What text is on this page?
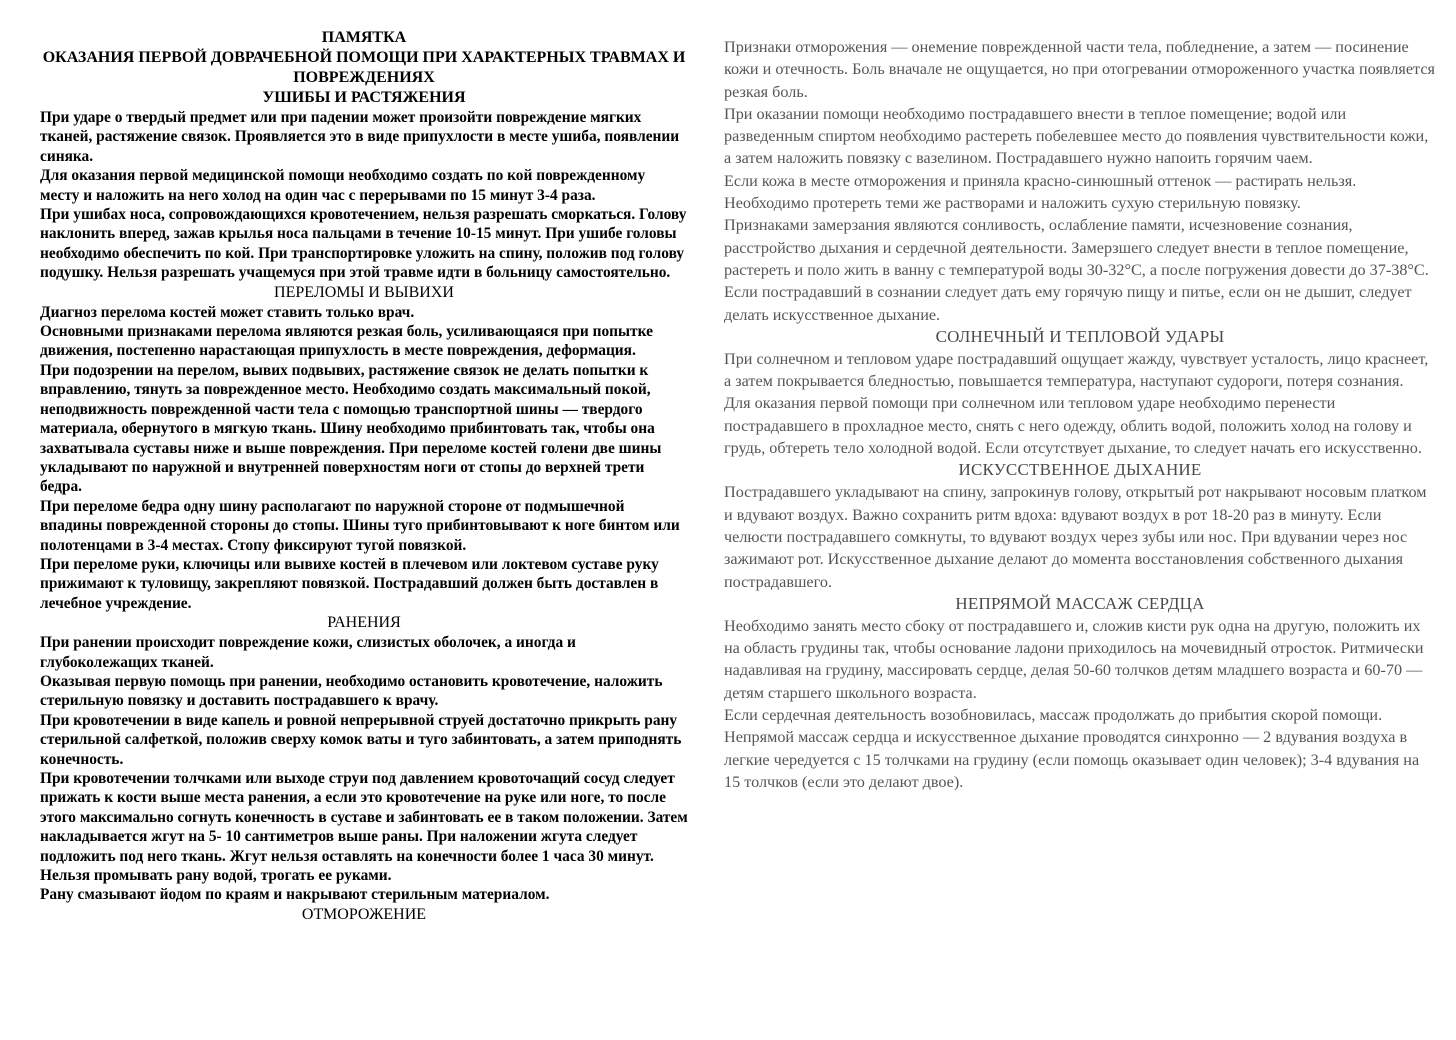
ПАМЯТКА
ОКАЗАНИЯ ПЕРВОЙ ДОВРАЧЕБНОЙ ПОМОЩИ ПРИ ХАРАКТЕРНЫХ ТРАВМАХ И ПОВРЕЖДЕНИЯХ
УШИБЫ И РАСТЯЖЕНИЯ

При ударе о твердый предмет или при падении может произойти повреждение мягких тканей, растяжение связок. Проявляется это в виде припухлости в месте ушиба, появлении синяка.

Для оказания первой медицинской помощи необходимо создать по кой поврежденному месту и наложить на него холод на один час с перерывами по 15 минут 3-4 раза.

При ушибах носа, сопровождающихся кровотечением, нельзя разрешать сморкаться. Голову наклонить вперед, зажав крылья носа пальцами в течение 10-15 минут. При ушибе головы необходимо обеспечить по кой. При транспортировке уложить на спину, положив под голову подушку. Нельзя разрешать учащемуся при этой травме идти в больницу самостоятельно.

ПЕРЕЛОМЫ И ВЫВИХИ

Диагноз перелома костей может ставить только врач.

Основными признаками перелома являются резкая боль, усиливающаяся при попытке движения, постепенно нарастающая припухлость в месте повреждения, деформация.

При подозрении на перелом, вывих подвывих, растяжение связок не делать попытки к вправлению, тянуть за поврежденное место. Необходимо создать максимальный покой, неподвижность поврежденной части тела с помощью транспортной шины — твердого материала, обернутого в мягкую ткань. Шину необходимо прибинтовать так, чтобы она захватывала суставы ниже и выше повреждения. При переломе костей голени две шины укладывают по наружной и внутренней поверхностям ноги от стопы до верхней трети бедра.

При переломе бедра одну шину располагают по наружной стороне от подмышечной впадины поврежденной стороны до стопы. Шины туго прибинтовывают к ноге бинтом или полотенцами в 3-4 местах. Стопу фиксируют тугой повязкой.

При переломе руки, ключицы или вывихе костей в плечевом или локтевом суставе руку прижимают к туловищу, закрепляют повязкой. Пострадавший должен быть доставлен в лечебное учреждение.

РАНЕНИЯ

При ранении происходит повреждение кожи, слизистых оболочек, а иногда и глубоколежащих тканей.

Оказывая первую помощь при ранении, необходимо остановить кровотечение, наложить стерильную повязку и доставить пострадавшего к врачу.

При кровотечении в виде капель и ровной непрерывной струей достаточно прикрыть рану стерильной салфеткой, положив сверху комок ваты и туго забинтовать, а затем приподнять конечность.

При кровотечении толчками или выходе струи под давлением кровоточащий сосуд следует прижать к кости выше места ранения, а если это кровотечение на руке или ноге, то после этого максимально согнуть конечность в суставе и забинтовать ее в таком положении. Затем накладывается жгут на 5- 10 сантиметров выше раны. При наложении жгута следует подложить под него ткань. Жгут нельзя оставлять на конечности более 1 часа 30 минут.

Нельзя промывать рану водой, трогать ее руками.

Рану смазывают йодом по краям и накрывают стерильным материалом.

ОТМОРОЖЕНИЕ

Признаки отморожения — онемение поврежденной части тела, побледнение, а затем — посинение кожи и отечность. Боль вначале не ощущается, но при отогревании отмороженного участка появляется резкая боль.

При оказании помощи необходимо пострадавшего внести в теплое помещение; водой или разведенным спиртом необходимо растереть побелевшее место до появления чувствительности кожи, а затем наложить повязку с вазелином. Пострадавшего нужно напоить горячим чаем.

Если кожа в месте отморожения и приняла красно-синюшный оттенок — растирать нельзя. Необходимо протереть теми же растворами и наложить сухую стерильную повязку.

Признаками замерзания являются сонливость, ослабление памяти, исчезновение сознания, расстройство дыхания и сердечной деятельности. Замерзшего следует внести в теплое помещение, растереть и поло жить в ванну с температурой воды 30-32°С, а после погружения довести до 37-38°С. Если пострадавший в сознании следует дать ему горячую пищу и питье, если он не дышит, следует делать искусственное дыхание.

СОЛНЕЧНЫЙ И ТЕПЛОВОЙ УДАРЫ

При солнечном и тепловом ударе пострадавший ощущает жажду, чувствует усталость, лицо краснеет, а затем покрывается бледностью, повышается температура, наступают судороги, потеря сознания.

Для оказания первой помощи при солнечном или тепловом ударе необходимо перенести пострадавшего в прохладное место, снять с него одежду, облить водой, положить холод на голову и грудь, обтереть тело холодной водой. Если отсутствует дыхание, то следует начать его искусственно.

ИСКУССТВЕННОЕ ДЫХАНИЕ

Пострадавшего укладывают на спину, запрокинув голову, открытый рот накрывают носовым платком и вдувают воздух. Важно сохранить ритм вдоха: вдувают воздух в рот 18-20 раз в минуту. Если челюсти пострадавшего сомкнуты, то вдувают воздух через зубы или нос. При вдувании через нос зажимают рот. Искусственное дыхание делают до момента восстановления собственного дыхания пострадавшего.

НЕПРЯМОЙ МАССАЖ СЕРДЦА

Необходимо занять место сбоку от пострадавшего и, сложив кисти рук одна на другую, положить их на область грудины так, чтобы основание ладони приходилось на мочевидный отросток. Ритмически надавливая на грудину, массировать сердце, делая 50-60 толчков детям младшего возраста и 60-70 — детям старшего школьного возраста.

Если сердечная деятельность возобновилась, массаж продолжать до прибытия скорой помощи. Непрямой массаж сердца и искусственное дыхание проводятся синхронно — 2 вдувания воздуха в легкие чередуется с 15 толчками на грудину (если помощь оказывает один человек); 3-4 вдувания на 15 толчков (если это делают двое).
